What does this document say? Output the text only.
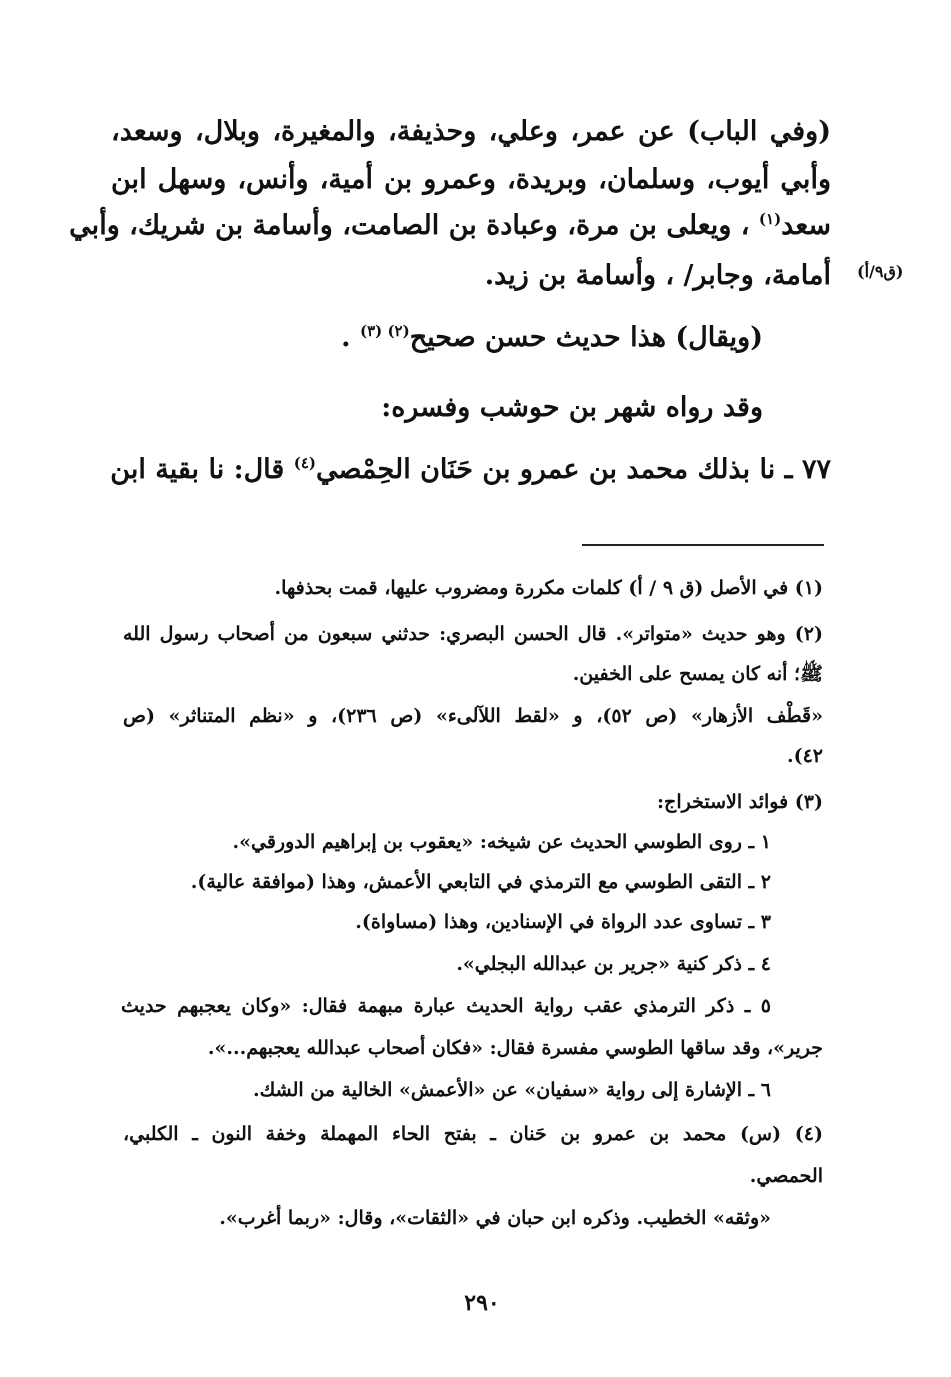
(وفي الباب) عن عمر، وعلي، وحذيفة، والمغيرة، وبلال، وسعد،
وأبي أيوب، وسلمان، وبريدة، وعمرو بن أمية، وأنس، وسهل ابن
سعد$^{(١)}$ ، ويعلى بن مرة، وعبادة بن الصامت، وأسامة بن شريك، وأبي
أمامة، وجابر/ ، وأسامة بن زيد. (ق٩/أ)
(ويقال) هذا حديث حسن صحيح$^{(٢) (٣)}$ .
وقد رواه شهر بن حوشب وفسره:
٧٧ ـ نا بذلك محمد بن عمرو بن حَنَان الحِمْصي$^{(٤)}$ قال: نا بقية ابن
(١) في الأصل (ق ٩ / أ) كلمات مكررة ومضروب عليها، قمت بحذفها.
(٢) وهو حديث «متواتر». قال الحسن البصري: حدثني سبعون من أصحاب رسول الله
ﷺ؛ أنه كان يمسح على الخفين.
«قَطْف الأزهار» (ص ٥٢)، و «لقط اللآلىء» (ص ٢٣٦)، و «نظم المتناثر» (ص
٤٢).
(٣) فوائد الاستخراج:
١ ـ روى الطوسي الحديث عن شيخه: «يعقوب بن إبراهيم الدورقي».
٢ ـ التقى الطوسي مع الترمذي في التابعي الأعمش، وهذا (موافقة عالية).
٣ ـ تساوى عدد الرواة في الإسنادين، وهذا (مساواة).
٤ ـ ذكر كنية «جرير بن عبدالله البجلي».
٥ ـ ذكر الترمذي عقب رواية الحديث عبارة مبهمة فقال: «وكان يعجبهم حديث
جرير»، وقد ساقها الطوسي مفسرة فقال: «فكان أصحاب عبدالله يعجبهم...».
٦ ـ الإشارة إلى رواية «سفيان» عن «الأعمش» الخالية من الشك.
(٤) (س) محمد بن عمرو بن حَنان ـ بفتح الحاء المهملة وخفة النون ـ الكلبي،
الحمصي.
«وثقه» الخطيب. وذكره ابن حبان في «الثقات»، وقال: «ربما أغرب».
٢٩٠
